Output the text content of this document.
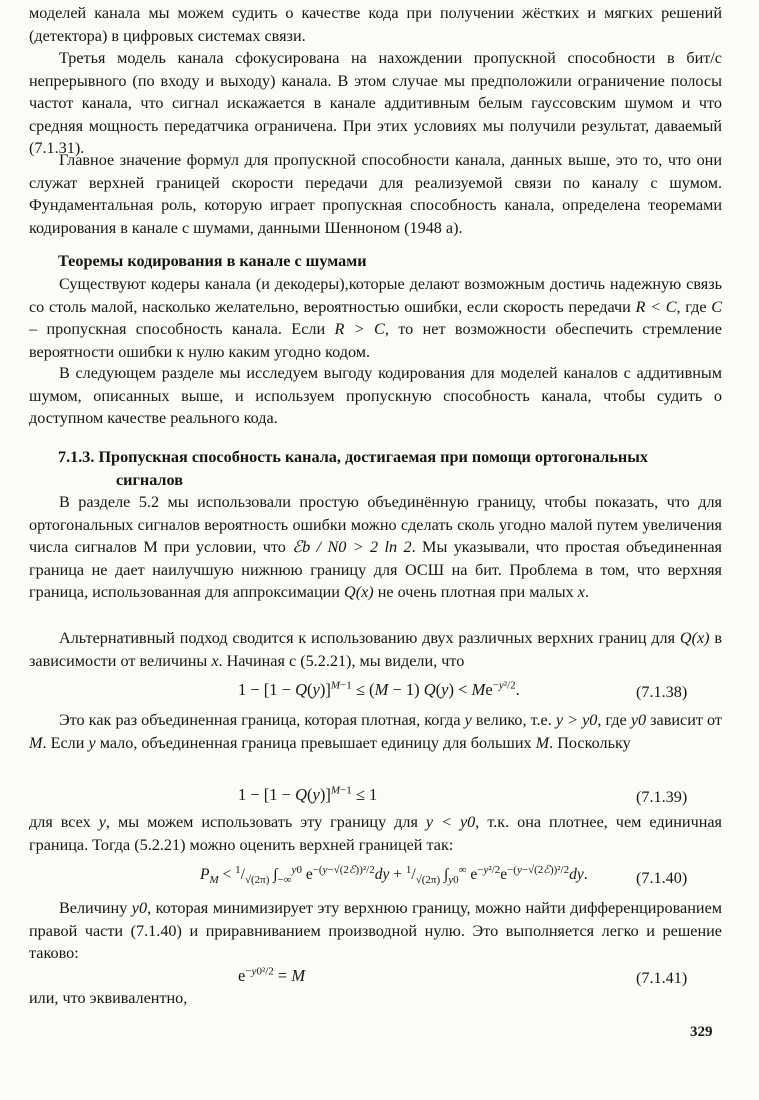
моделей канала мы можем судить о качестве кода при получении жёстких и мягких решений (детектора) в цифровых системах связи.

Третья модель канала сфокусирована на нахождении пропускной способности в бит/с непрерывного (по входу и выходу) канала. В этом случае мы предположили ограничение полосы частот канала, что сигнал искажается в канале аддитивным белым гауссовским шумом и что средняя мощность передатчика ограничена. При этих условиях мы получили результат, даваемый (7.1.31).

Главное значение формул для пропускной способности канала, данных выше, это то, что они служат верхней границей скорости передачи для реализуемой связи по каналу с шумом. Фундаментальная роль, которую играет пропускная способность канала, определена теоремами кодирования в канале с шумами, данными Шенноном (1948 а).

Теоремы кодирования в канале с шумами

Существуют кодеры канала (и декодеры),которые делают возможным достичь надежную связь со столь малой, насколько желательно, вероятностью ошибки, если скорость передачи R < C, где C – пропускная способность канала. Если R > C, то нет возможности обеспечить стремление вероятности ошибки к нулю каким угодно кодом.

В следующем разделе мы исследуем выгоду кодирования для моделей каналов с аддитивным шумом, описанных выше, и используем пропускную способность канала, чтобы судить о доступном качестве реального кода.

7.1.3. Пропускная способность канала, достигаемая при помощи ортогональных
сигналов

В разделе 5.2 мы использовали простую объединённую границу, чтобы показать, что для ортогональных сигналов вероятность ошибки можно сделать сколь угодно малой путем увеличения числа сигналов М при условии, что ℰb / N0 > 2 ln 2. Мы указывали, что простая объединенная граница не дает наилучшую нижнюю границу для ОСШ на бит. Проблема в том, что верхняя граница, использованная для аппроксимации Q(x) не очень плотная при малых x.

Альтернативный подход сводится к использованию двух различных верхних границ для Q(x) в зависимости от величины x. Начиная с (5.2.21), мы видели, что

$1 - [1 - Q(y)]^{M-1} \le (M - 1) Q(y) < Me^{-y^2/2}$.	(7.1.38)

Это как раз объединенная граница, которая плотная, когда y велико, т.е. y > y0, где y0 зависит от M. Если y мало, объединенная граница превышает единицу для больших M. Поскольку

$1 - [1 - Q(y)]^{M-1} \le 1$	(7.1.39)

для всех y, мы можем использовать эту границу для y < y0, т.к. она плотнее, чем единичная граница. Тогда (5.2.21) можно оценить верхней границей так:

$P_M < ^1/_{√(2\pi)}$ $\int_{-\infty}^{y0}$ $e^{-(y-√(2ℰ))^2/2}dy + ^1/_{√(2\pi)}$ $\int_{y0}^\infty$ $e^{-y^2/2}e^{-(y-√(2ℰ))^2/2}dy$.	(7.1.40)

Величину y0, которая минимизирует эту верхнюю границу, можно найти дифференцированием правой части (7.1.40) и приравниванием производной нулю. Это выполняется легко и решение таково:

$e^{-y0^2/2} = M$	(7.1.41)

или, что эквивалентно,

329
